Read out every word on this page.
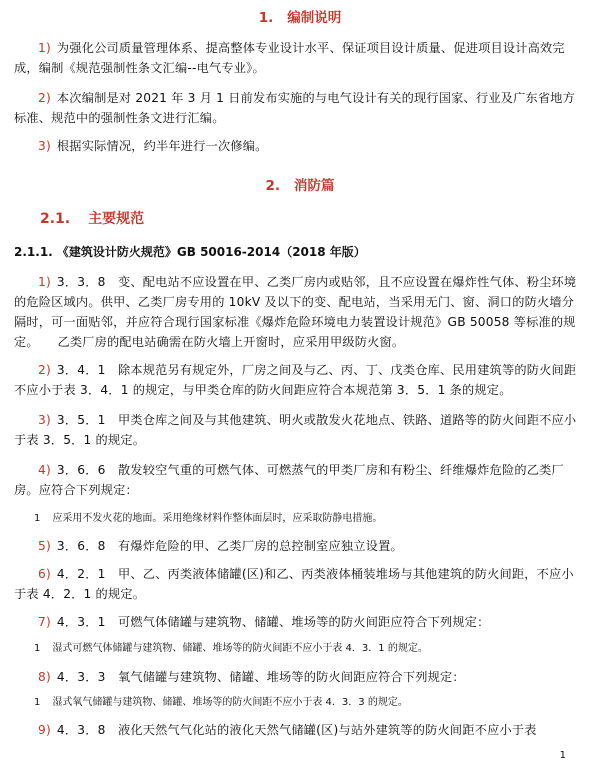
1. 编制说明
1) 为强化公司质量管理体系、提高整体专业设计水平、保证项目设计质量、促进项目设计高效完成，编制《规范强制性条文汇编--电气专业》。
2) 本次编制是对 2021 年 3 月 1 日前发布实施的与电气设计有关的现行国家、行业及广东省地方标准、规范中的强制性条文进行汇编。
3) 根据实际情况，约半年进行一次修编。
2. 消防篇
2.1. 主要规范
2.1.1. 《建筑设计防火规范》GB 50016-2014（2018 年版）
1) 3．3．8　变、配电站不应设置在甲、乙类厂房内或贴邻，且不应设置在爆炸性气体、粉尘环境的危险区域内。供甲、乙类厂房专用的 10kV 及以下的变、配电站，当采用无门、窗、洞口的防火墙分隔时，可一面贴邻，并应符合现行国家标准《爆炸危险环境电力装置设计规范》GB 50058 等标准的规定。　　乙类厂房的配电站确需在防火墙上开窗时，应采用甲级防火窗。
2) 3．4．1　除本规范另有规定外，厂房之间及与乙、丙、丁、戊类仓库、民用建筑等的防火间距不应小于表 3．4．1 的规定，与甲类仓库的防火间距应符合本规范第 3．5．1 条的规定。
3) 3．5．1　甲类仓库之间及与其他建筑、明火或散发火花地点、铁路、道路等的防火间距不应小于表 3．5．1 的规定。
4) 3．6．6　散发较空气重的可燃气体、可燃蒸气的甲类厂房和有粉尘、纤维爆炸危险的乙类厂房。应符合下列规定：
1 应采用不发火花的地面。采用绝缘材料作整体面层时，应采取防静电措施。
5) 3．6．8　有爆炸危险的甲、乙类厂房的总控制室应独立设置。
6) 4．2．1　甲、乙、丙类液体储罐(区)和乙、丙类液体桶装堆场与其他建筑的防火间距，不应小于表 4．2．1 的规定。
7) 4．3．1　可燃气体储罐与建筑物、储罐、堆场等的防火间距应符合下列规定：
1 湿式可燃气体储罐与建筑物、储罐、堆场等的防火间距不应小于表 4．3．1 的规定。
8) 4．3．3　氧气储罐与建筑物、储罐、堆场等的防火间距应符合下列规定：
1 湿式氧气储罐与建筑物、储罐、堆场等的防火间距不应小于表 4．3．3 的规定。
9) 4．3．8　液化天然气气化站的液化天然气储罐(区)与站外建筑等的防火间距不应小于表
1
